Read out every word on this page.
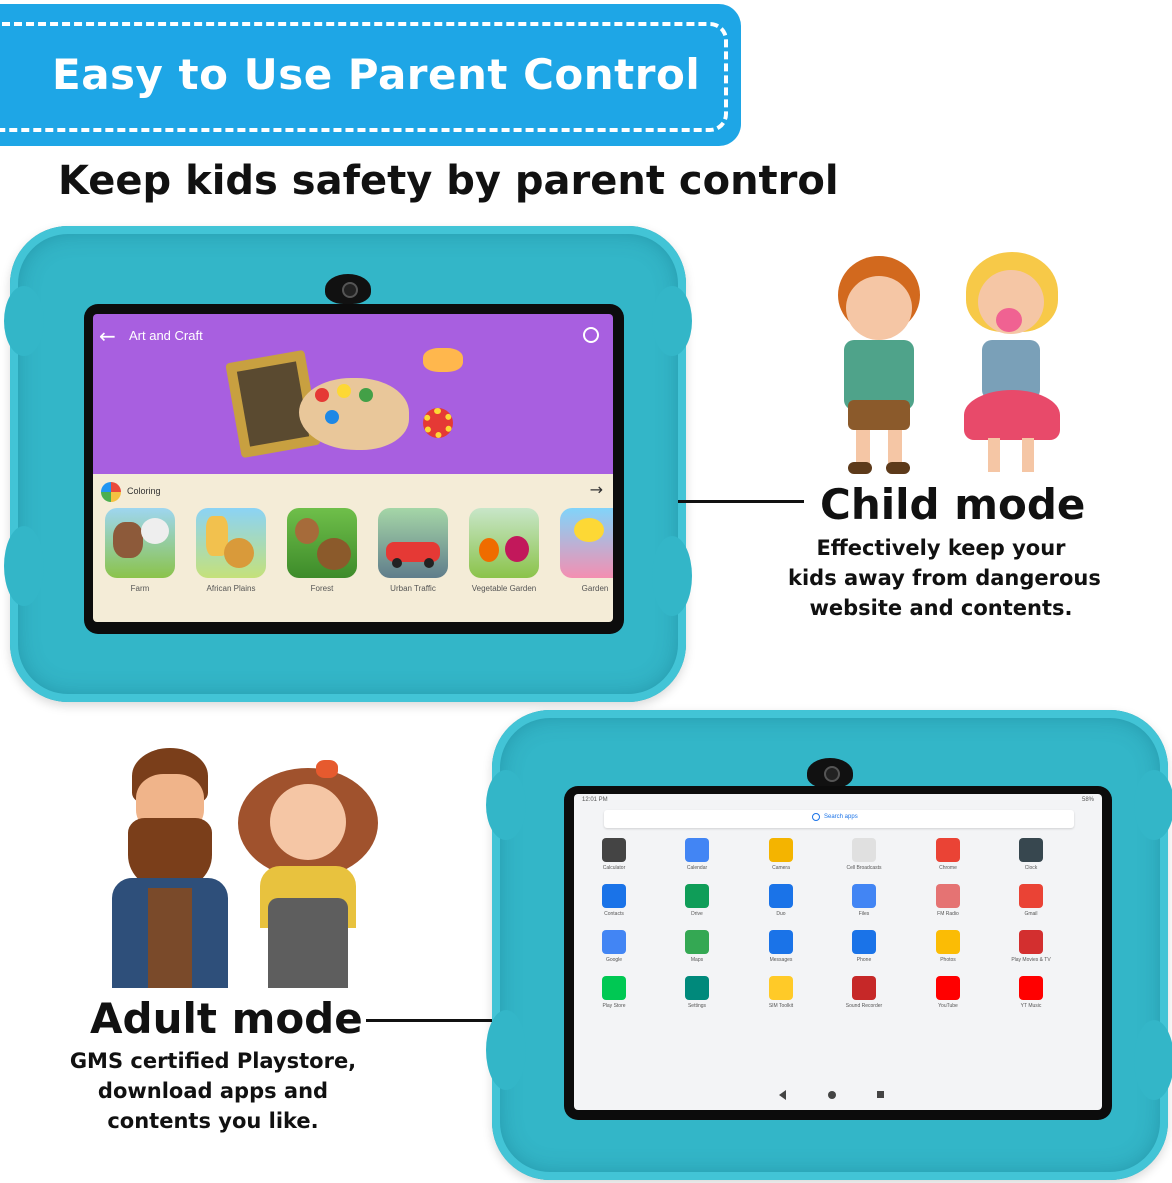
Easy to Use Parent Control
Keep kids safety by parent control
←	Art and Craft
Coloring	→
Farm	African Plains	Forest	Urban Traffic	Vegetable Garden	Garden
Child mode
Effectively keep your
kids away from dangerous
website and contents.
12:01 PM	58%
Search apps
Calculator	Calendar	Camera	Cell Broadcasts	Chrome	Clock
Contacts	Drive	Duo	Files	FM Radio	Gmail
Google	Maps	Messages	Phone	Photos	Play Movies & TV
Play Store	Settings	SIM Toolkit	Sound Recorder	YouTube	YT Music
Adult mode
GMS certified Playstore,
download apps and
contents you like.
